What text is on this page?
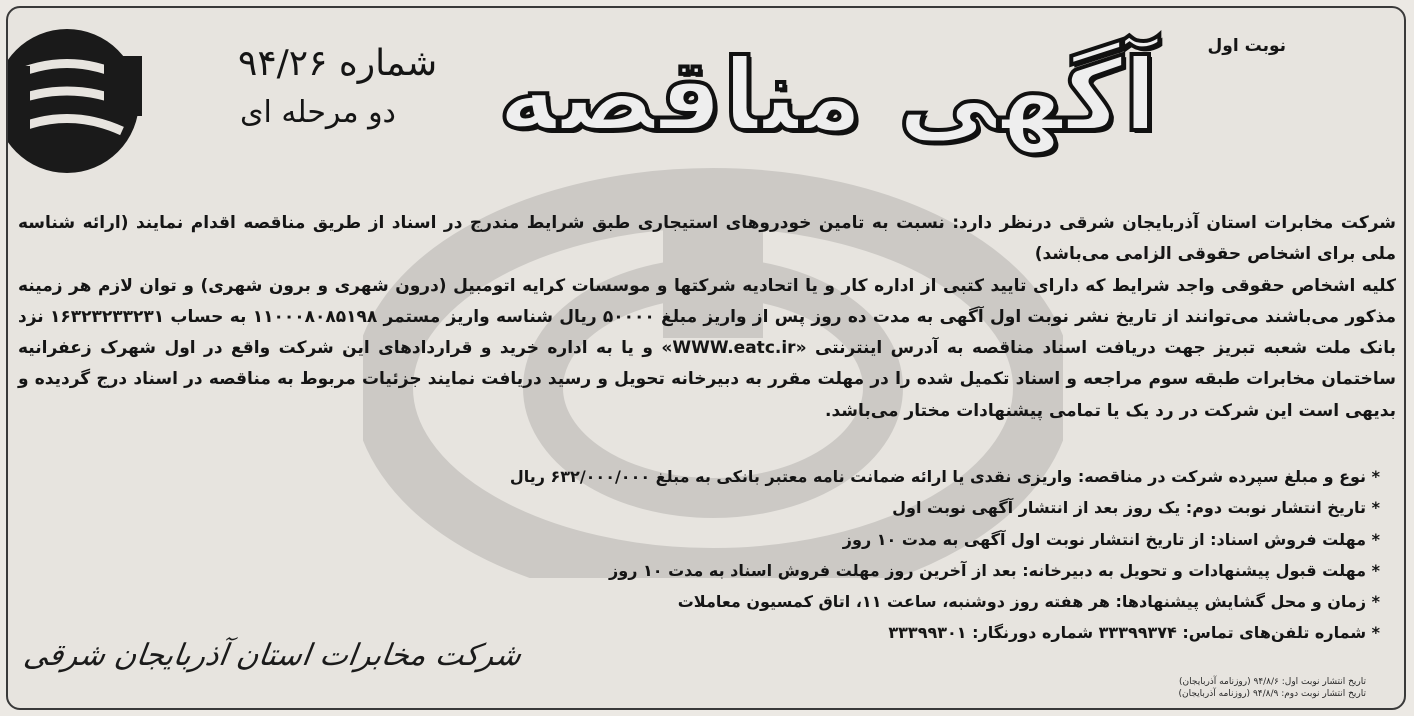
نوبت اول
آگهی مناقصه
شماره ۹۴/۲۶
دو مرحله ای

شرکت مخابرات استان آذربایجان شرقی درنظر دارد: نسبت به تامین خودروهای استیجاری طبق شرایط مندرج در اسناد از طریق مناقصه اقدام نمایند (ارائه شناسه ملی برای اشخاص حقوقی الزامی می‌باشد)

کلیه اشخاص حقوقی واجد شرایط که دارای تایید کتبی از اداره کار و یا اتحادیه شرکتها و موسسات کرایه اتومبیل (درون شهری و برون شهری) و توان لازم هر زمینه مذکور می‌باشند می‌توانند از تاریخ نشر نوبت اول آگهی به مدت ده روز پس از واریز مبلغ ۵۰۰۰۰ ریال شناسه واریز مستمر ۱۱۰۰۰۸۰۸۵۱۹۸ به حساب ۱۶۳۲۳۲۳۳۲۳۱ نزد بانک ملت شعبه تبریز جهت دریافت اسناد مناقصه به آدرس اینترنتی «WWW.eatc.ir» و یا به اداره خرید و قراردادهای این شرکت واقع در اول شهرک زعفرانیه ساختمان مخابرات طبقه سوم مراجعه و اسناد تکمیل شده را در مهلت مقرر به دبیرخانه تحویل و رسید دریافت نمایند جزئیات مربوط به مناقصه در اسناد درج گردیده و بدیهی است این شرکت در رد یک یا تمامی پیشنهادات مختار می‌باشد.

* نوع و مبلغ سپرده شرکت در مناقصه: واریزی نقدی یا ارائه ضمانت نامه معتبر بانکی به مبلغ ۶۳۲/۰۰۰/۰۰۰ ریال
* تاریخ انتشار نوبت دوم: یک روز بعد از انتشار آگهی نوبت اول
* مهلت فروش اسناد: از تاریخ انتشار نوبت اول آگهی به مدت ۱۰ روز
* مهلت قبول پیشنهادات و تحویل به دبیرخانه: بعد از آخرین روز مهلت فروش اسناد به مدت ۱۰ روز
* زمان و محل گشایش پیشنهادها: هر هفته روز دوشنبه، ساعت ۱۱، اتاق کمسیون معاملات
* شماره تلفن‌های تماس: ۳۳۳۹۹۳۷۴ شماره دورنگار: ۳۳۳۹۹۳۰۱
شرکت مخابرات استان آذربایجان شرقی
تاریخ انتشار نوبت اول: ۹۴/۸/۶ (روزنامه آذربایجان)
تاریخ انتشار نوبت دوم: ۹۴/۸/۹ (روزنامه آذربایجان)
